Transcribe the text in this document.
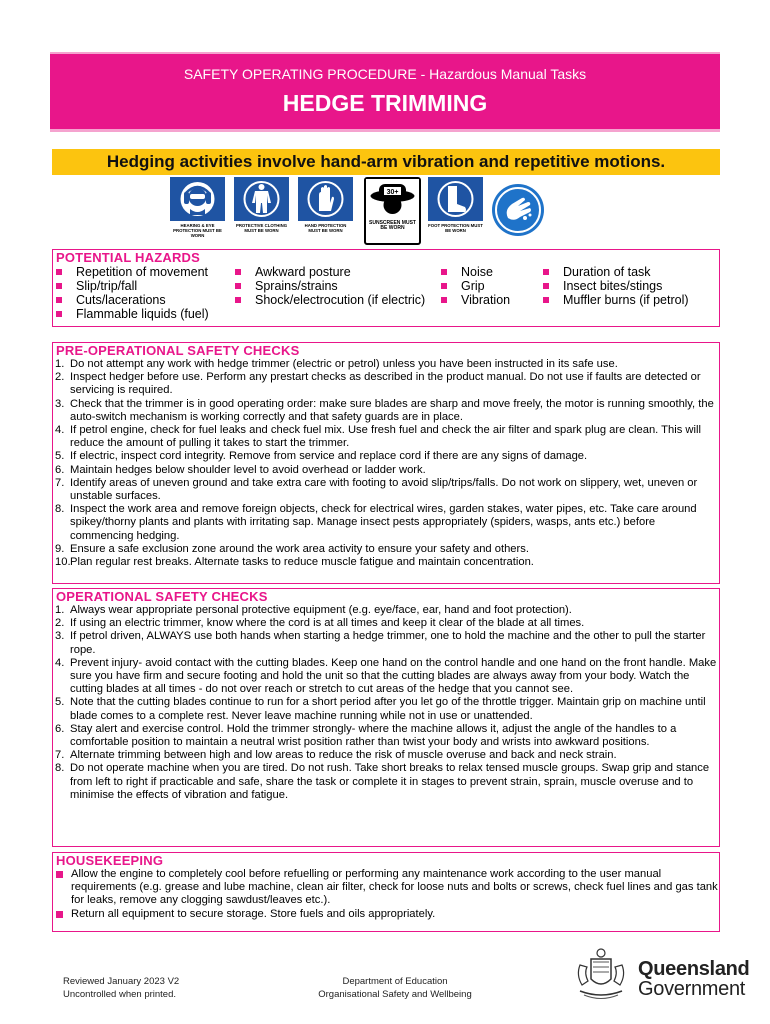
SAFETY OPERATING PROCEDURE - Hazardous Manual Tasks
HEDGE TRIMMING
Hedging activities involve hand-arm vibration and repetitive motions.
HEARING & EYE PROTECTION MUST BE WORN
PROTECTIVE CLOTHING MUST BE WORN
HAND PROTECTION MUST BE WORN
30+
SUNSCREEN MUST BE WORN	FOOT PROTECTION MUST BE WORN
POTENTIAL HAZARDS
Repetition of movement
Slip/trip/fall
Cuts/lacerations
Flammable liquids (fuel)
Awkward posture
Sprains/strains
Shock/electrocution (if electric)
Noise
Grip
Vibration
Duration of task
Insect bites/stings
Muffler burns (if petrol)
PRE-OPERATIONAL SAFETY CHECKS
1. Do not attempt any work with hedge trimmer (electric or petrol) unless you have been instructed in its safe use.
2. Inspect hedger before use. Perform any prestart checks as described in the product manual. Do not use if faults are detected or servicing is required.
3. Check that the trimmer is in good operating order: make sure blades are sharp and move freely, the motor is running smoothly, the auto-switch mechanism is working correctly and that safety guards are in place.
4. If petrol engine, check for fuel leaks and check fuel mix. Use fresh fuel and check the air filter and spark plug are clean. This will reduce the amount of pulling it takes to start the trimmer.
5. If electric, inspect cord integrity. Remove from service and replace cord if there are any signs of damage.
6. Maintain hedges below shoulder level to avoid overhead or ladder work.
7. Identify areas of uneven ground and take extra care with footing to avoid slip/trips/falls. Do not work on slippery, wet, uneven or unstable surfaces.
8. Inspect the work area and remove foreign objects, check for electrical wires, garden stakes, water pipes, etc. Take care around spikey/thorny plants and plants with irritating sap. Manage insect pests appropriately (spiders, wasps, ants etc.) before commencing hedging.
9. Ensure a safe exclusion zone around the work area activity to ensure your safety and others.
10. Plan regular rest breaks. Alternate tasks to reduce muscle fatigue and maintain concentration.
OPERATIONAL SAFETY CHECKS
1. Always wear appropriate personal protective equipment (e.g. eye/face, ear, hand and foot protection).
2. If using an electric trimmer, know where the cord is at all times and keep it clear of the blade at all times.
3. If petrol driven, ALWAYS use both hands when starting a hedge trimmer, one to hold the machine and the other to pull the starter rope.
4. Prevent injury- avoid contact with the cutting blades. Keep one hand on the control handle and one hand on the front handle. Make sure you have firm and secure footing and hold the unit so that the cutting blades are always away from your body. Watch the cutting blades at all times - do not over reach or stretch to cut areas of the hedge that you cannot see.
5. Note that the cutting blades continue to run for a short period after you let go of the throttle trigger. Maintain grip on machine until blade comes to a complete rest. Never leave machine running while not in use or unattended.
6. Stay alert and exercise control. Hold the trimmer strongly- where the machine allows it, adjust the angle of the handles to a comfortable position to maintain a neutral wrist position rather than twist your body and wrists into awkward positions.
7. Alternate trimming between high and low areas to reduce the risk of muscle overuse and back and neck strain.
8. Do not operate machine when you are tired. Do not rush. Take short breaks to relax tensed muscle groups. Swap grip and stance from left to right if practicable and safe, share the task or complete it in stages to prevent strain, sprain, muscle overuse and to minimise the effects of vibration and fatigue.
HOUSEKEEPING
Allow the engine to completely cool before refuelling or performing any maintenance work according to the user manual requirements (e.g. grease and lube machine, clean air filter, check for loose nuts and bolts or screws, check fuel lines and gas tank for leaks, remove any clogging sawdust/leaves etc.).
Return all equipment to secure storage. Store fuels and oils appropriately.
Reviewed January 2023 V2
Uncontrolled when printed.
Department of Education
Organisational Safety and Wellbeing
Queensland
Government
